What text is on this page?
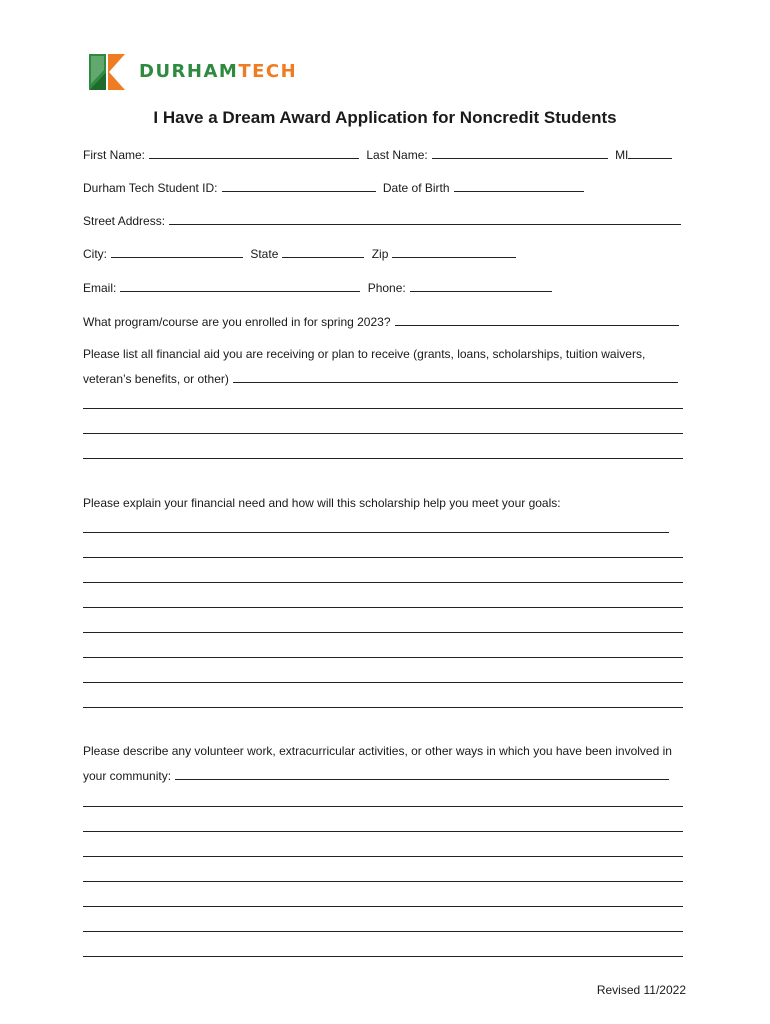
DURHAMTECH
I Have a Dream Award Application for Noncredit Students
First Name:	Last Name:	MI
Durham Tech Student ID:	Date of Birth
Street Address:
City:	State	Zip
Email:	Phone:
What program/course are you enrolled in for spring 2023?
Please list all financial aid you are receiving or plan to receive (grants, loans, scholarships, tuition waivers,
veteran’s benefits, or other)
Please explain your financial need and how will this scholarship help you meet your goals:
Please describe any volunteer work, extracurricular activities, or other ways in which you have been involved in
your community:
Revised 11/2022
